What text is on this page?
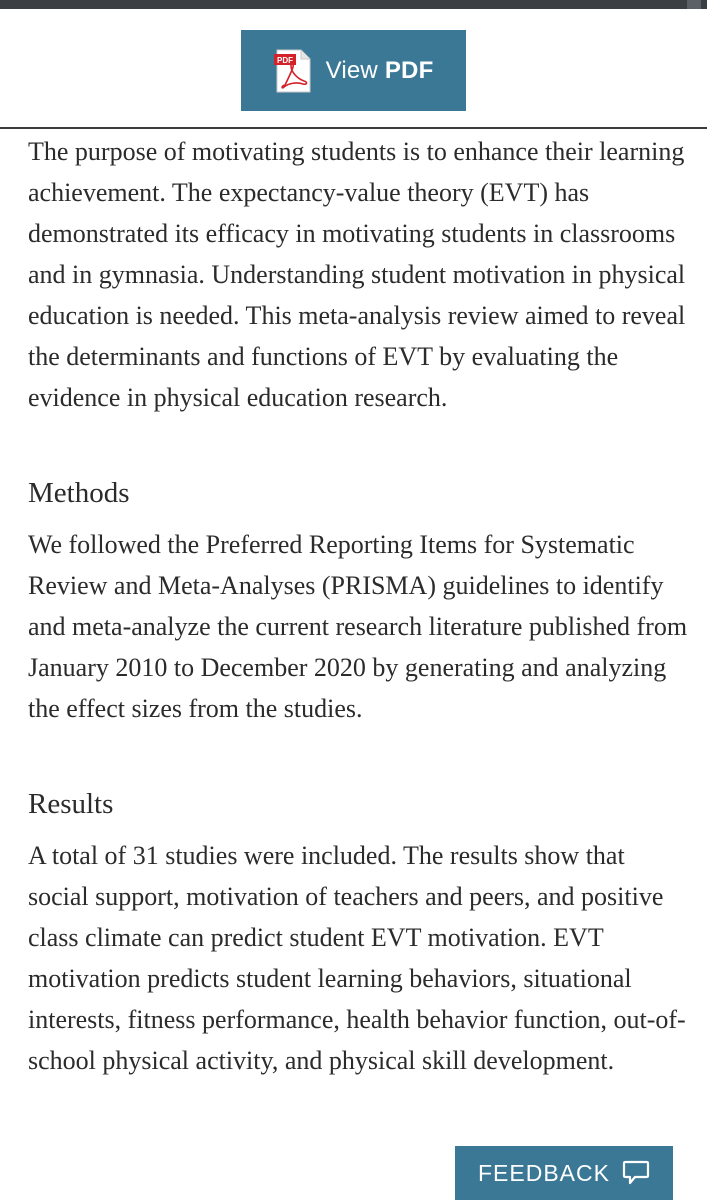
PDF View PDF

The purpose of motivating students is to enhance their learning achievement. The expectancy-value theory (EVT) has demonstrated its efficacy in motivating students in classrooms and in gymnasia. Understanding student motivation in physical education is needed. This meta-analysis review aimed to reveal the determinants and functions of EVT by evaluating the evidence in physical education research.

Methods

We followed the Preferred Reporting Items for Systematic Review and Meta-Analyses (PRISMA) guidelines to identify and meta-analyze the current research literature published from January 2010 to December 2020 by generating and analyzing the effect sizes from the studies.

Results

A total of 31 studies were included. The results show that social support, motivation of teachers and peers, and positive class climate can predict student EVT motivation. EVT motivation predicts student learning behaviors, situational interests, fitness performance, health behavior function, out-of-school physical activity, and physical skill development.

FEEDBACK
